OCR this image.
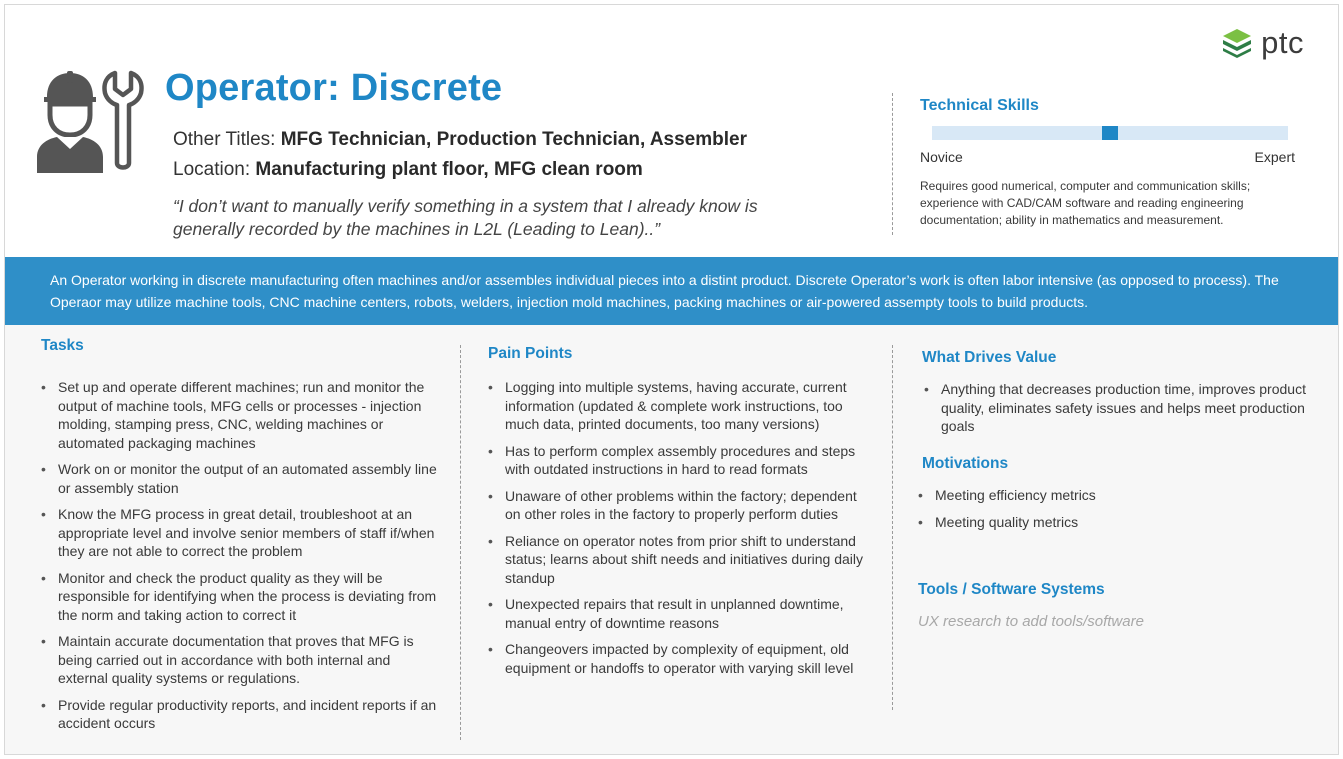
Operator: Discrete
Other Titles: MFG Technician, Production Technician, Assembler
Location: Manufacturing plant floor, MFG clean room
“I don’t want to manually verify something in a system that I already know is generally recorded by the machines in L2L (Leading to Lean)..”
ptc
Technical Skills
Novice	Expert
Requires good numerical, computer and communication skills; experience with CAD/CAM software and reading engineering documentation; ability in mathematics and measurement.
An Operator working in discrete manufacturing often machines and/or assembles individual pieces into a distint product. Discrete Operator’s work is often labor intensive (as opposed to process). The Operaor may utilize machine tools, CNC machine centers, robots, welders, injection mold machines, packing machines or air-powered assempty tools to build products.
Tasks
• Set up and operate different machines; run and monitor the output of machine tools, MFG cells or processes - injection molding, stamping press, CNC, welding machines or automated packaging machines
• Work on or monitor the output of an automated assembly line or assembly station
• Know the MFG process in great detail, troubleshoot at an appropriate level and involve senior members of staff if/when they are not able to correct the problem
• Monitor and check the product quality as they will be responsible for identifying when the process is deviating from the norm and taking action to correct it
• Maintain accurate documentation that proves that MFG is being carried out in accordance with both internal and external quality systems or regulations.
• Provide regular productivity reports, and incident reports if an accident occurs
Pain Points
• Logging into multiple systems, having accurate, current information (updated & complete work instructions, too much data, printed documents, too many versions)
• Has to perform complex assembly procedures and steps with outdated instructions in hard to read formats
• Unaware of other problems within the factory; dependent on other roles in the factory to properly perform duties
• Reliance on operator notes from prior shift to understand status; learns about shift needs and initiatives during daily standup
• Unexpected repairs that result in unplanned downtime, manual entry of downtime reasons
• Changeovers impacted by complexity of equipment, old equipment or handoffs to operator with varying skill level
What Drives Value
• Anything that decreases production time, improves product quality, eliminates safety issues and helps meet production goals
Motivations
• Meeting efficiency metrics
• Meeting quality metrics
Tools / Software Systems
UX research to add tools/software
